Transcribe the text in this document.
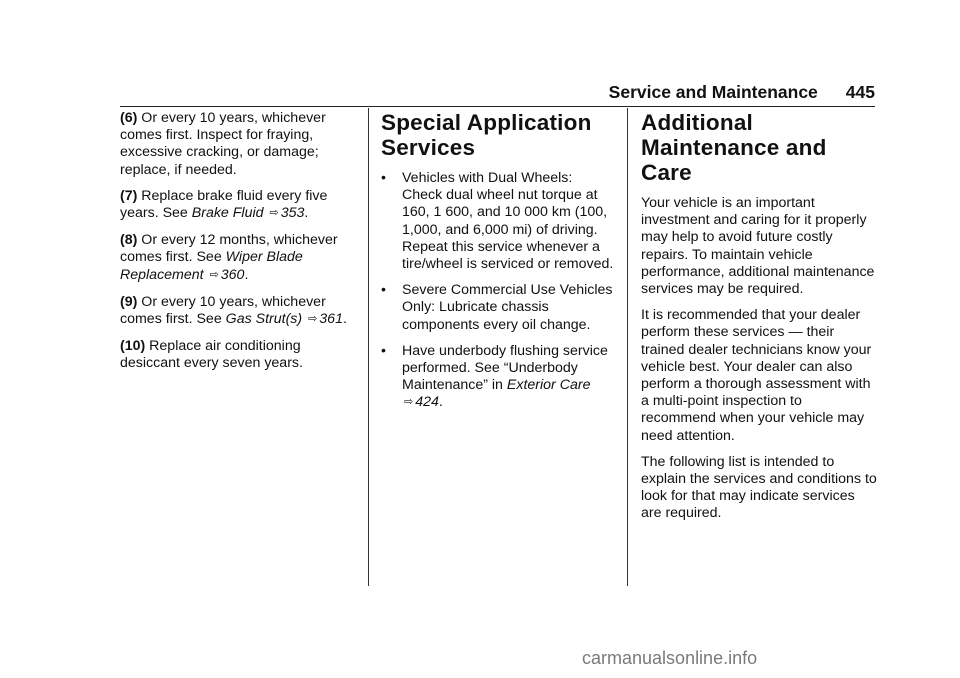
Service and Maintenance 445

(6) Or every 10 years, whichever comes first. Inspect for fraying, excessive cracking, or damage; replace, if needed.

(7) Replace brake fluid every five years. See Brake Fluid ⇨ 353.

(8) Or every 12 months, whichever comes first. See Wiper Blade Replacement ⇨ 360.

(9) Or every 10 years, whichever comes first. See Gas Strut(s) ⇨ 361.

(10) Replace air conditioning desiccant every seven years.

Special Application Services
• Vehicles with Dual Wheels: Check dual wheel nut torque at 160, 1 600, and 10 000 km (100, 1,000, and 6,000 mi) of driving. Repeat this service whenever a tire/wheel is serviced or removed.
• Severe Commercial Use Vehicles Only: Lubricate chassis components every oil change.
• Have underbody flushing service performed. See “Underbody Maintenance” in Exterior Care
⇨ 424.
Additional Maintenance and Care

Your vehicle is an important investment and caring for it properly may help to avoid future costly repairs. To maintain vehicle performance, additional maintenance services may be required.

It is recommended that your dealer perform these services — their trained dealer technicians know your vehicle best. Your dealer can also perform a thorough assessment with a multi-point inspection to recommend when your vehicle may need attention.

The following list is intended to explain the services and conditions to look for that may indicate services are required.

carmanualsonline.info
